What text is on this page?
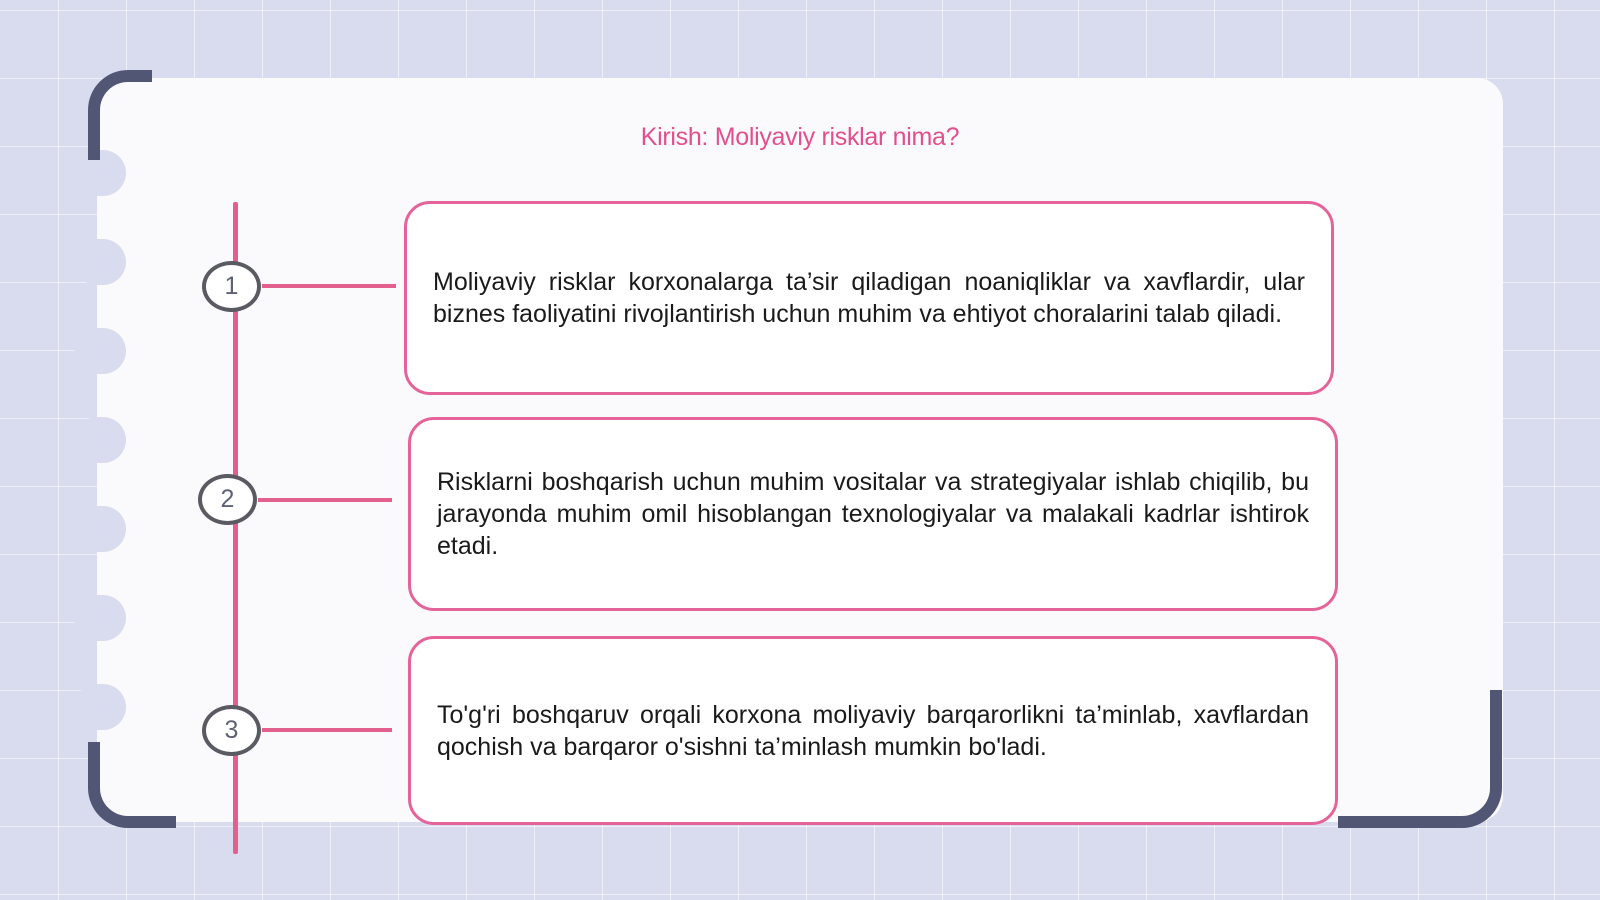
Kirish: Moliyaviy risklar nima?
1
2
3
Moliyaviy risklar korxonalarga ta’sir qiladigan noaniqliklar va xavflardir, ular biznes faoliyatini rivojlantirish uchun muhim va ehtiyot choralarini talab qiladi.
Risklarni boshqarish uchun muhim vositalar va strategiyalar ishlab chiqilib, bu jarayonda muhim omil hisoblangan texnologiyalar va malakali kadrlar ishtirok etadi.
To'g'ri boshqaruv orqali korxona moliyaviy barqarorlikni ta’minlab, xavflardan qochish va barqaror o'sishni ta’minlash mumkin bo'ladi.
